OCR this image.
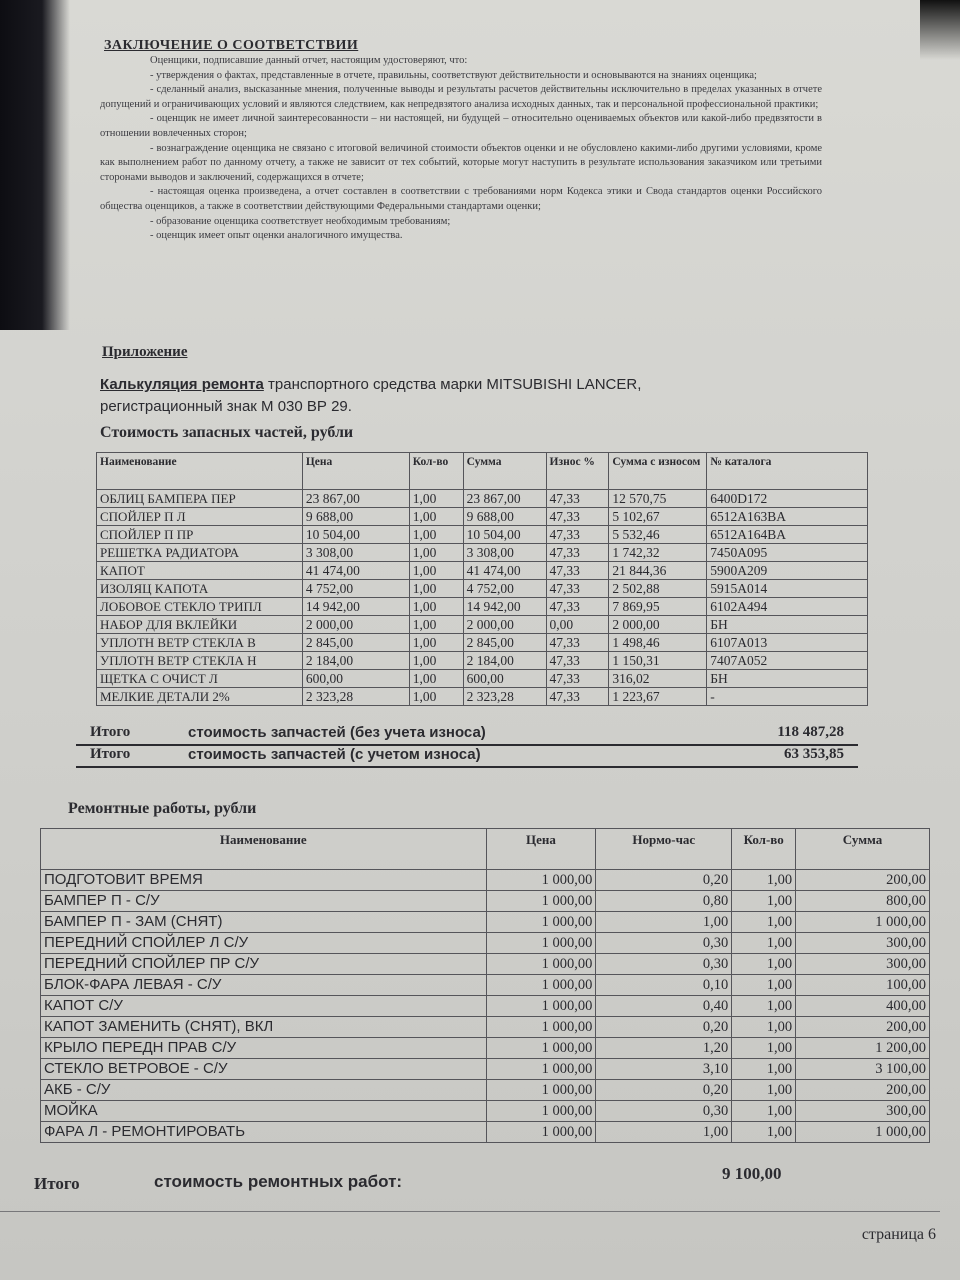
ЗАКЛЮЧЕНИЕ О СООТВЕТСТВИИ

Оценщики, подписавшие данный отчет, настоящим удостоверяют, что:

- утверждения о фактах, представленные в отчете, правильны, соответствуют действительности и основываются на знаниях оценщика;

- сделанный анализ, высказанные мнения, полученные выводы и результаты расчетов действительны исключительно в пределах указанных в отчете допущений и ограничивающих условий и являются следствием, как непредвзятого анализа исходных данных, так и персональной профессиональной практики;

- оценщик не имеет личной заинтересованности – ни настоящей, ни будущей – относительно оцениваемых объектов или какой-либо предвзятости в отношении вовлеченных сторон;

- вознаграждение оценщика не связано с итоговой величиной стоимости объектов оценки и не обусловлено какими-либо другими условиями, кроме как выполнением работ по данному отчету, а также не зависит от тех событий, которые могут наступить в результате использования заказчиком или третьими сторонами выводов и заключений, содержащихся в отчете;

- настоящая оценка произведена, а отчет составлен в соответствии с требованиями норм Кодекса этики и Свода стандартов оценки Российского общества оценщиков, а также в соответствии действующими Федеральными стандартами оценки;

- образование оценщика соответствует необходимым требованиям;

- оценщик имеет опыт оценки аналогичного имущества.

Приложение
Калькуляция ремонта транспортного средства марки MITSUBISHI LANCER,
регистрационный знак М 030 ВР 29.
Стоимость запасных частей, рубли
Наименование	Цена	Кол-во	Сумма	Износ %	Сумма с износом	№ каталога
ОБЛИЦ БАМПЕРА ПЕР	23 867,00	1,00	23 867,00	47,33	12 570,75	6400D172
СПОЙЛЕР П Л	9 688,00	1,00	9 688,00	47,33	5 102,67	6512A163BA
СПОЙЛЕР П ПР	10 504,00	1,00	10 504,00	47,33	5 532,46	6512A164BA
РЕШЕТКА РАДИАТОРА	3 308,00	1,00	3 308,00	47,33	1 742,32	7450A095
КАПОТ	41 474,00	1,00	41 474,00	47,33	21 844,36	5900A209
ИЗОЛЯЦ КАПОТА	4 752,00	1,00	4 752,00	47,33	2 502,88	5915A014
ЛОБОВОЕ СТЕКЛО ТРИПЛ	14 942,00	1,00	14 942,00	47,33	7 869,95	6102A494
НАБОР ДЛЯ ВКЛЕЙКИ	2 000,00	1,00	2 000,00	0,00	2 000,00	БН
УПЛОТН ВЕТР СТЕКЛА В	2 845,00	1,00	2 845,00	47,33	1 498,46	6107A013
УПЛОТН ВЕТР СТЕКЛА Н	2 184,00	1,00	2 184,00	47,33	1 150,31	7407A052
ЩЕТКА С ОЧИСТ Л	600,00	1,00	600,00	47,33	316,02	БН
МЕЛКИЕ ДЕТАЛИ 2%	2 323,28	1,00	2 323,28	47,33	1 223,67	-
Итого	стоимость запчастей (без учета износа)	118 487,28
Итого	стоимость запчастей (с учетом износа)	63 353,85
Ремонтные работы, рубли
Наименование	Цена	Нормо-час	Кол-во	Сумма
ПОДГОТОВИТ ВРЕМЯ	1 000,00	0,20	1,00	200,00
БАМПЕР П - С/У	1 000,00	0,80	1,00	800,00
БАМПЕР П - ЗАМ (СНЯТ)	1 000,00	1,00	1,00	1 000,00
ПЕРЕДНИЙ СПОЙЛЕР Л С/У	1 000,00	0,30	1,00	300,00
ПЕРЕДНИЙ СПОЙЛЕР ПР С/У	1 000,00	0,30	1,00	300,00
БЛОК-ФАРА ЛЕВАЯ - С/У	1 000,00	0,10	1,00	100,00
КАПОТ С/У	1 000,00	0,40	1,00	400,00
КАПОТ ЗАМЕНИТЬ (СНЯТ), ВКЛ	1 000,00	0,20	1,00	200,00
КРЫЛО ПЕРЕДН ПРАВ С/У	1 000,00	1,20	1,00	1 200,00
СТЕКЛО ВЕТРОВОЕ - С/У	1 000,00	3,10	1,00	3 100,00
АКБ - С/У	1 000,00	0,20	1,00	200,00
МОЙКА	1 000,00	0,30	1,00	300,00
ФАРА Л - РЕМОНТИРОВАТЬ	1 000,00	1,00	1,00	1 000,00
Итого	стоимость ремонтных работ:	9 100,00
страница 6
